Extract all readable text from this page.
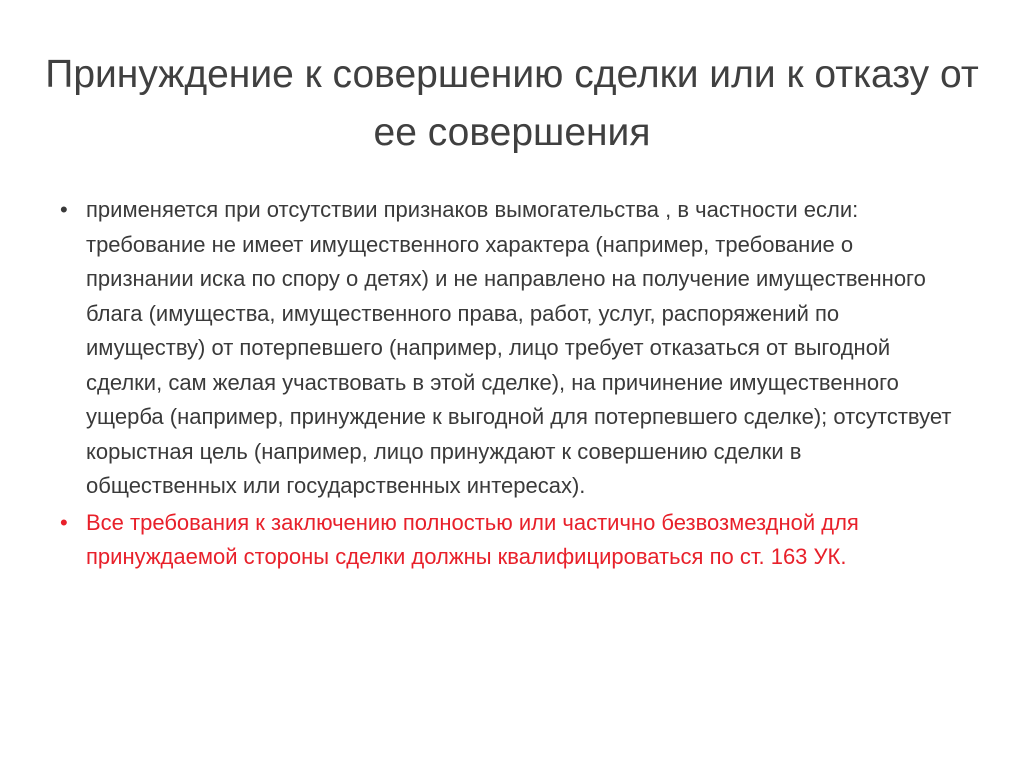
Принуждение к совершению сделки или к отказу от ее совершения
• применяется при отсутствии признаков вымогательства , в частности если: требование не имеет имущественного характера (например, требование о признании иска по спору о детях) и не направлено на получение имущественного блага (имущества, имущественного права, работ, услуг, распоряжений по имуществу) от потерпевшего (например, лицо требует отказаться от выгодной сделки, сам желая участвовать в этой сделке), на причинение имущественного ущерба (например, принуждение к выгодной для потерпевшего сделке); отсутствует корыстная цель (например, лицо принуждают к совершению сделки в общественных или государственных интересах).
• Все требования к заключению полностью или частично безвозмездной для принуждаемой стороны сделки должны квалифицироваться по ст. 163 УК.
